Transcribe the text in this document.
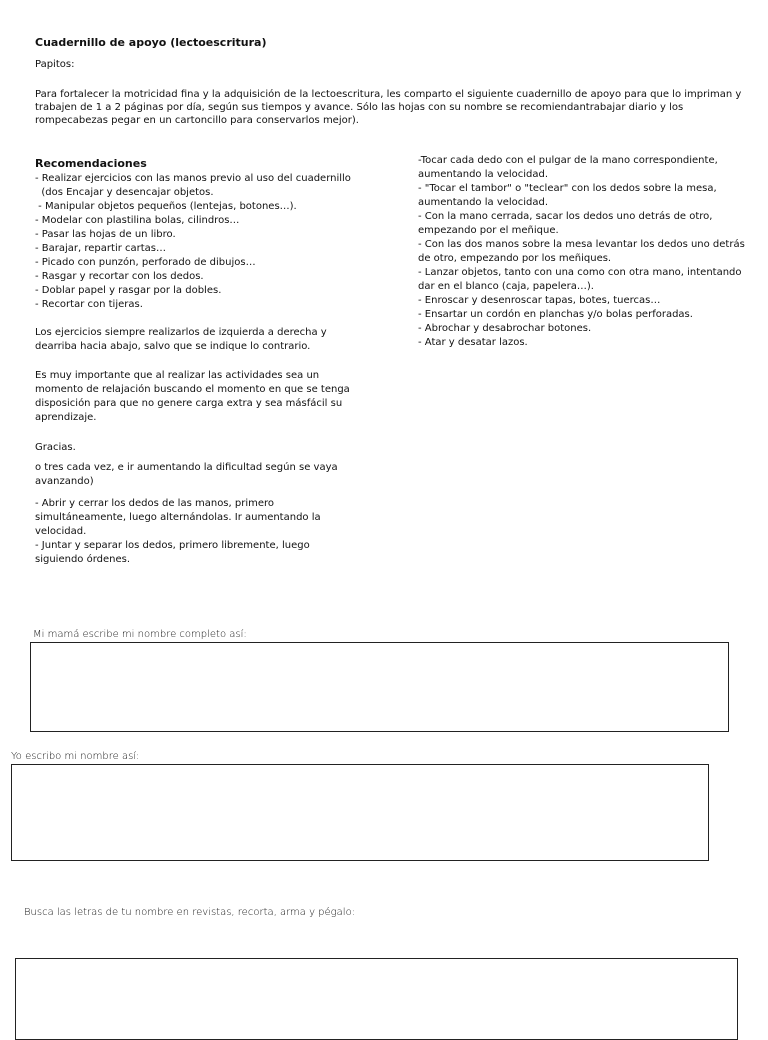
Cuadernillo de apoyo (lectoescritura)
Papitos:
Para fortalecer la motricidad fina y la adquisición de la lectoescritura, les comparto el siguiente cuadernillo de apoyo para que lo impriman y trabajen de 1 a 2 páginas por día, según sus tiempos y avance. Sólo las hojas con su nombre se recomiendantrabajar diario y los rompecabezas pegar en un cartoncillo para conservarlos mejor).
Recomendaciones
- Realizar ejercicios con las manos previo al uso del cuadernillo
(dos Encajar y desencajar objetos.
- Manipular objetos pequeños (lentejas, botones…).
- Modelar con plastilina bolas, cilindros…
- Pasar las hojas de un libro.
- Barajar, repartir cartas…
- Picado con punzón, perforado de dibujos…
- Rasgar y recortar con los dedos.
- Doblar papel y rasgar por la dobles.
- Recortar con tijeras.
Los ejercicios siempre realizarlos de izquierda a derecha y dearriba hacia abajo, salvo que se indique lo contrario.
Es muy importante que al realizar las actividades sea un momento de relajación buscando el momento en que se tenga disposición para que no genere carga extra y sea másfácil su aprendizaje.
Gracias.
o tres cada vez, e ir aumentando la dificultad según se vaya avanzando)
- Abrir y cerrar los dedos de las manos, primero simultáneamente, luego alternándolas. Ir aumentando la velocidad.
- Juntar y separar los dedos, primero libremente, luego siguiendo órdenes.
-Tocar cada dedo con el pulgar de la mano correspondiente, aumentando la velocidad.
- "Tocar el tambor" o "teclear" con los dedos sobre la mesa, aumentando la velocidad.
- Con la mano cerrada, sacar los dedos uno detrás de otro, empezando por el meñique.
- Con las dos manos sobre la mesa levantar los dedos uno detrás de otro, empezando por los meñiques.
- Lanzar objetos, tanto con una como con otra mano, intentando dar en el blanco (caja, papelera…).
- Enroscar y desenroscar tapas, botes, tuercas…
- Ensartar un cordón en planchas y/o bolas perforadas.
- Abrochar y desabrochar botones.
- Atar y desatar lazos.
Mi mamá escribe mi nombre completo así:
Yo escribo mi nombre así:
Busca las letras de tu nombre en revistas, recorta, arma y pégalo:
